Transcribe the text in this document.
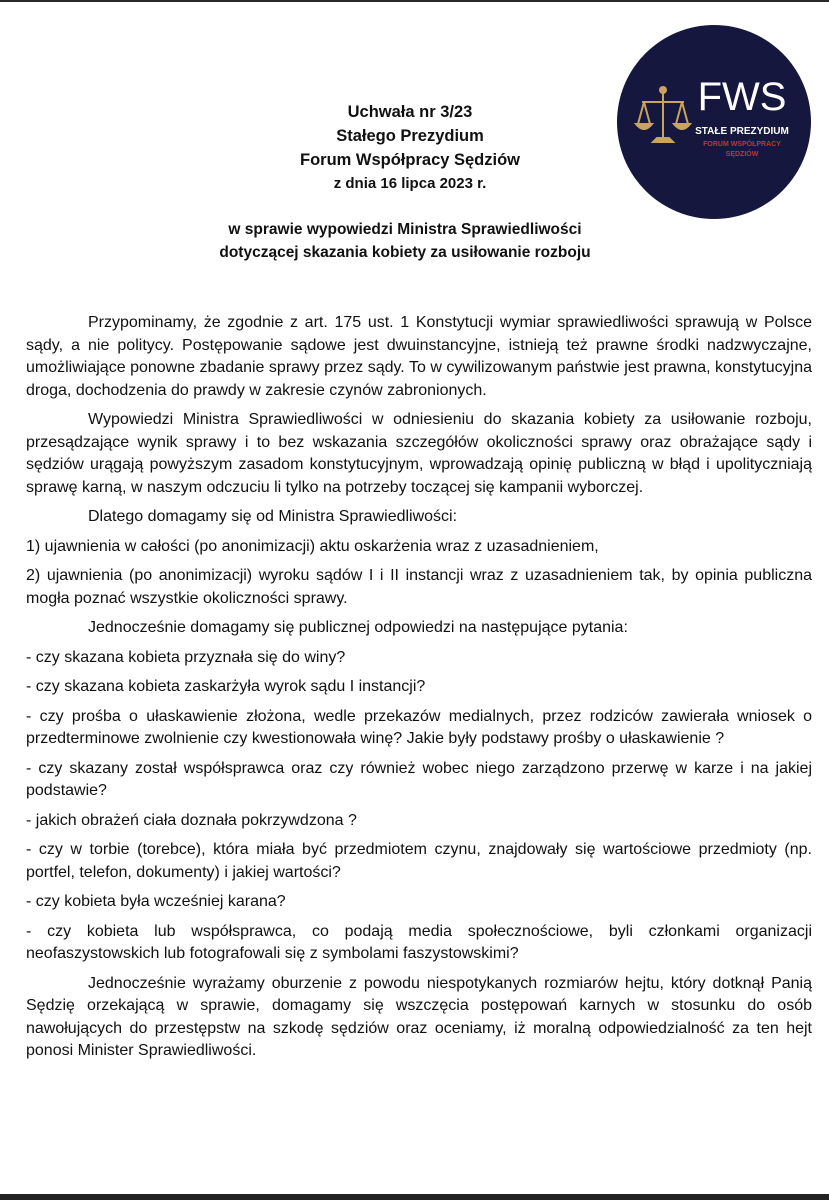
FWS
STAŁE PREZYDIUM
FORUM WSPÓŁPRACY
SĘDZIÓW
Uchwała nr 3/23
Stałego Prezydium
Forum Współpracy Sędziów
z dnia 16 lipca 2023 r.
w sprawie wypowiedzi Ministra Sprawiedliwości
dotyczącej skazania kobiety za usiłowanie rozboju

Przypominamy, że zgodnie z art. 175 ust. 1 Konstytucji wymiar sprawiedliwości sprawują w Polsce sądy, a nie politycy. Postępowanie sądowe jest dwuinstancyjne, istnieją też prawne środki nadzwyczajne, umożliwiające ponowne zbadanie sprawy przez sądy. To w cywilizowanym państwie jest prawna, konstytucyjna droga, dochodzenia do prawdy w zakresie czynów zabronionych.

Wypowiedzi Ministra Sprawiedliwości w odniesieniu do skazania kobiety za usiłowanie rozboju, przesądzające wynik sprawy i to bez wskazania szczegółów okoliczności sprawy oraz obrażające sądy i sędziów urągają powyższym zasadom konstytucyjnym, wprowadzają opinię publiczną w błąd i upolityczniają sprawę karną, w naszym odczuciu li tylko na potrzeby toczącej się kampanii wyborczej.

Dlatego domagamy się od Ministra Sprawiedliwości:

1) ujawnienia w całości (po anonimizacji) aktu oskarżenia wraz z uzasadnieniem,

2) ujawnienia (po anonimizacji) wyroku sądów I i II instancji wraz z uzasadnieniem tak, by opinia publiczna mogła poznać wszystkie okoliczności sprawy.

Jednocześnie domagamy się publicznej odpowiedzi na następujące pytania:

- czy skazana kobieta przyznała się do winy?

- czy skazana kobieta zaskarżyła wyrok sądu I instancji?

- czy prośba o ułaskawienie złożona, wedle przekazów medialnych, przez rodziców zawierała wniosek o przedterminowe zwolnienie czy kwestionowała winę? Jakie były podstawy prośby o ułaskawienie ?

- czy skazany został współsprawca oraz czy również wobec niego zarządzono przerwę w karze i na jakiej podstawie?

- jakich obrażeń ciała doznała pokrzywdzona ?

- czy w torbie (torebce), która miała być przedmiotem czynu, znajdowały się wartościowe przedmioty (np. portfel, telefon, dokumenty) i jakiej wartości?

- czy kobieta była wcześniej karana?

- czy kobieta lub współsprawca, co podają media społecznościowe, byli członkami organizacji neofaszystowskich lub fotografowali się z symbolami faszystowskimi?

Jednocześnie wyrażamy oburzenie z powodu niespotykanych rozmiarów hejtu, który dotknął Panią Sędzię orzekającą w sprawie, domagamy się wszczęcia postępowań karnych w stosunku do osób nawołujących do przestępstw na szkodę sędziów oraz oceniamy, iż moralną odpowiedzialność za ten hejt ponosi Minister Sprawiedliwości.
